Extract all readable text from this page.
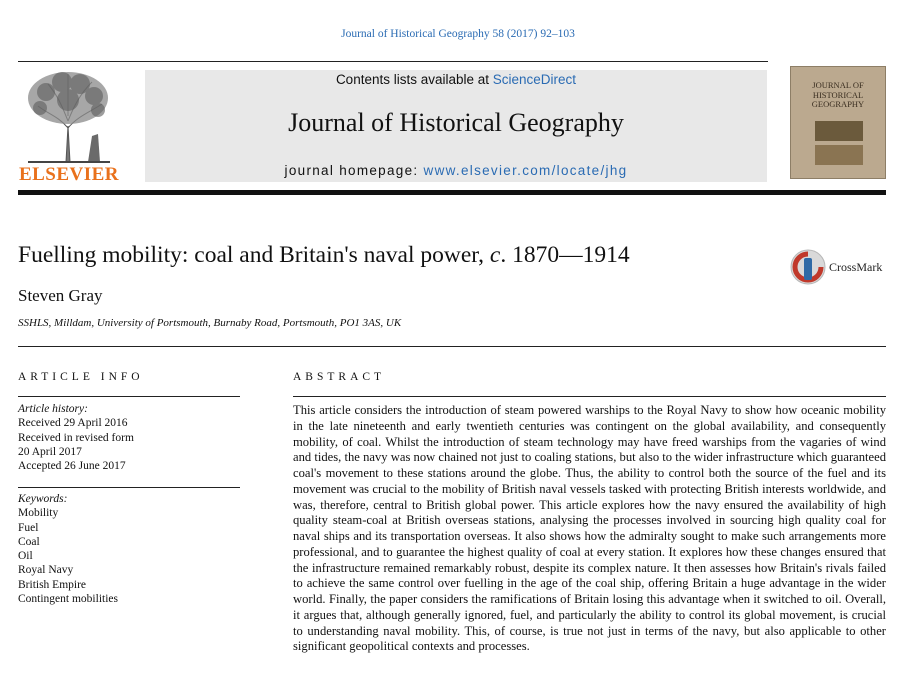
Journal of Historical Geography 58 (2017) 92–103
ELSEVIER
Contents lists available at ScienceDirect
Journal of Historical Geography
journal homepage: www.elsevier.com/locate/jhg
JOURNAL OF
HISTORICAL
GEOGRAPHY
Fuelling mobility: coal and Britain's naval power, c. 1870—1914	CrossMark
Steven Gray
SSHLS, Milldam, University of Portsmouth, Burnaby Road, Portsmouth, PO1 3AS, UK
ARTICLE INFO	ABSTRACT
Article history:
Received 29 April 2016
Received in revised form
20 April 2017
Accepted 26 June 2017
Keywords:
Mobility
Fuel
Coal
Oil
Royal Navy
British Empire
Contingent mobilities
This article considers the introduction of steam powered warships to the Royal Navy to show how oceanic mobility in the late nineteenth and early twentieth centuries was contingent on the global availability, and consequently mobility, of coal. Whilst the introduction of steam technology may have freed warships from the vagaries of wind and tides, the navy was now chained not just to coaling stations, but also to the wider infrastructure which guaranteed coal's movement to these stations around the globe. Thus, the ability to control both the source of the fuel and its movement was crucial to the mobility of British naval vessels tasked with protecting British interests worldwide, and was, therefore, central to British global power. This article explores how the navy ensured the availability of high quality steam-coal at British overseas stations, analysing the processes involved in sourcing high quality coal for naval ships and its transportation overseas. It also shows how the admiralty sought to make such arrangements more professional, and to guarantee the highest quality of coal at every station. It explores how these changes ensured that the infrastructure remained remarkably robust, despite its complex nature. It then assesses how Britain's rivals failed to achieve the same control over fuelling in the age of the coal ship, offering Britain a huge advantage in the wider world. Finally, the paper considers the ramifications of Britain losing this advantage when it switched to oil. Overall, it argues that, although generally ignored, fuel, and particularly the ability to control its global movement, is crucial to understanding naval mobility. This, of course, is true not just in terms of the navy, but also applicable to other significant geopolitical contexts and processes.
